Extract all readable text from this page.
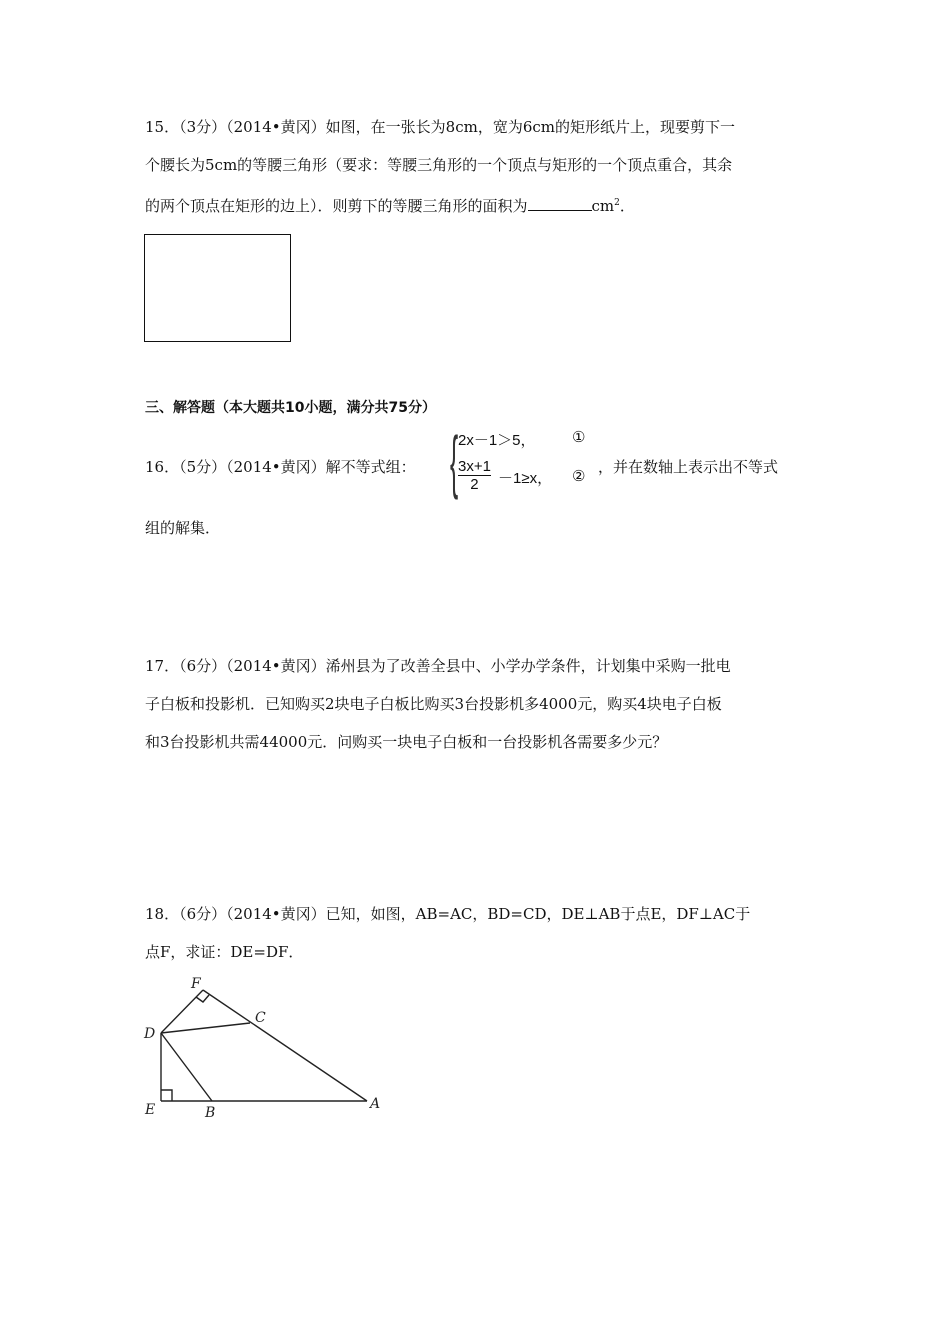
15．（3分）（2014•黄冈）如图，在一张长为8cm，宽为6cm的矩形纸片上，现要剪下一
个腰长为5cm的等腰三角形（要求：等腰三角形的一个顶点与矩形的一个顶点重合，其余
的两个顶点在矩形的边上）．则剪下的等腰三角形的面积为	$cm^2$．
三、解答题（本大题共10小题，满分共75分）
16．（5分）（2014•黄冈）解不等式组： { 2x－1＞5， ①
$\frac{3x+1}{2} -1\ge x$， ②
，并在数轴上表示出不等式
组的解集．
17．（6分）（2014•黄冈）浠州县为了改善全县中、小学办学条件，计划集中采购一批电
子白板和投影机．已知购买2块电子白板比购买3台投影机多4000元，购买4块电子白板
和3台投影机共需44000元．问购买一块电子白板和一台投影机各需要多少元？
18．（6分）（2014•黄冈）已知，如图，AB=AC，BD=CD，DE⊥AB于点E，DF⊥AC于
点F，求证：DE=DF．
F
C
D
E	B
A
